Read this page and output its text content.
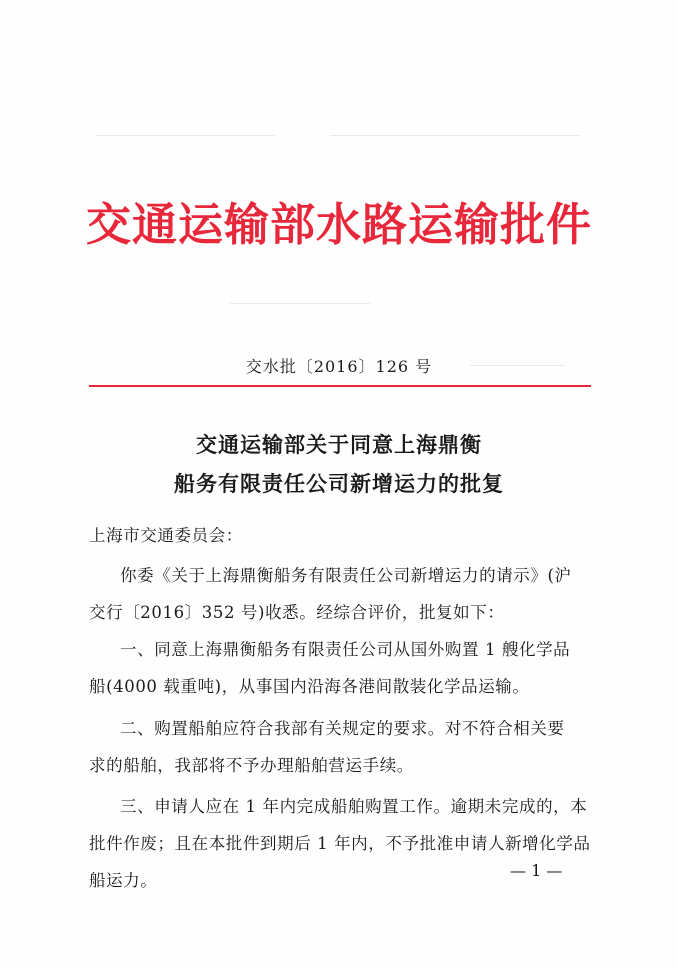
交通运输部水路运输批件
交水批〔2016〕126 号
交通运输部关于同意上海鼎衡
船务有限责任公司新增运力的批复
上海市交通委员会：
你委《关于上海鼎衡船务有限责任公司新增运力的请示》(沪
交行〔2016〕352 号)收悉。经综合评价，批复如下：
一、同意上海鼎衡船务有限责任公司从国外购置 1 艘化学品
船(4000 载重吨)，从事国内沿海各港间散装化学品运输。
二、购置船舶应符合我部有关规定的要求。对不符合相关要
求的船舶，我部将不予办理船舶营运手续。
三、申请人应在 1 年内完成船舶购置工作。逾期未完成的，本
批件作废；且在本批件到期后 1 年内，不予批准申请人新增化学品
船运力。
— 1 —
